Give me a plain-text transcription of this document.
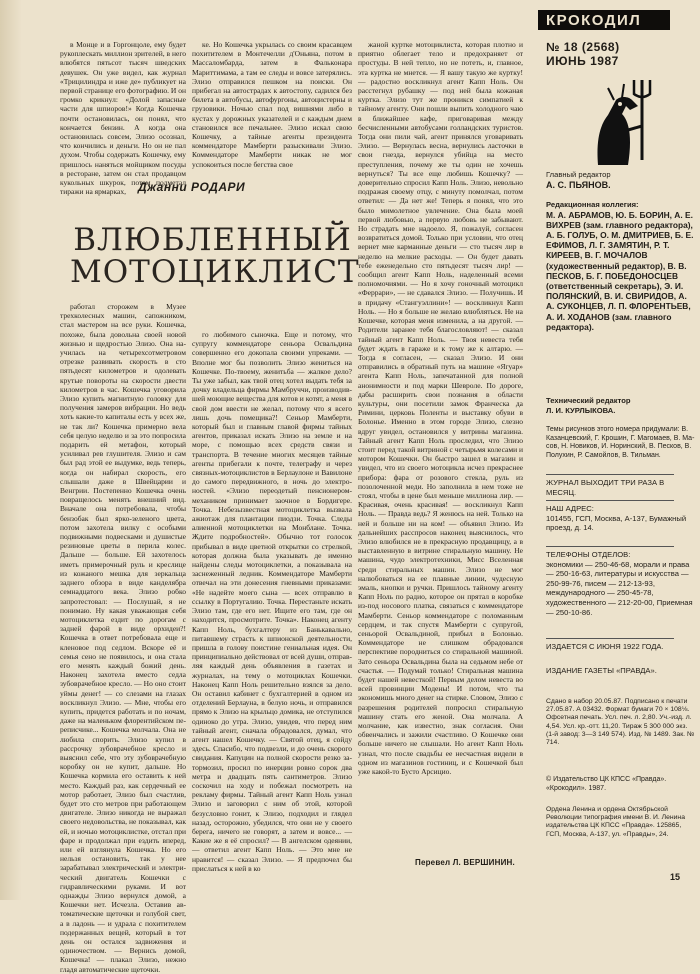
в Монце и в Горгонцоле, ему будет рукоплескать миллион зрителей, в него влюбятся пятьсот тысяч шведских девушек. Он уже видел, как журнал «Трицилиндра и иже де» публикует на первой странице его фотографию. И он громко крикнул: «Долой запасные части для шпиоров!» Когда Кошечка почти остановилась, он понял, что кончается бензин. А когда она остановилась совсем, Элизо осознал, что кончились и деньги. Но он не пал духом. Чтобы содержать Кошечку, ему пришлось наняться мойщиком посуды в ресторане, затем он стал продавцом кукольных шкурок, потом подметал тиражи на ярмарках,

работал сторожем в Музее трехколесных машин, сапожником, стал мастером на все руки. Кошечка, похоже, была довольна своей новой жизнью и щедростью Элизо. Она научилась на четырехсотметровом отрезке развивать скорость в сто пятьдесят километров и одолевать крутые повороты на скорости двести километров в час. Кошечка уговорила Элизо купить магнитную головку для получения замеров вибрации. Но ведь хоть какие-то капиталы есть у всех же, не так ли? Кошечка примерно вела себя целую неделю и за это попросила подарить ей метафон, который усиливал рев глушителя. Элизо и сам был рад этой ее выдумке, ведь теперь, когда он набирал скорость, его слышали даже в Швейцарии и Венгрии. Постепенно Кошечка очень повращелось менять внешний вид. Вначале она потребовала, чтобы бензобак был ярко-зеленого цвета, потом захотела вилку с особыми подвижными подвесками и душистые резиновые цветы в перила колес. Дальше — больше. Ей захотелось иметь примерочный руль и креслице из кожаного мешка для зеркальца заднего обзора в виде канделябра семнадцатого века. Элизо робко запротестовал: — Послушай, я не понимаю. Ну какая уважающая себя мотоциклетка ездит по дорогам с задней фарой в виде орхидеи?! Кошечка в ответ потребовала еще и кленовое под седлом. Вскоре её и семья сено не появилось, и она стала его менять каждый божий день. Наконец захотела вместо седла зубоврачебное кресло. — Но оно стоит уймы денег! — со слезами на глазах воскликнул Элизо. — Мне, чтобы его купить, придется работать и по ночам, даже на маленьком флорентийском переписчике... Кошечка молчала. Она не любила спорить. Элизо купил в рассрочку зубоврачебное кресло и выяснил себе, что эту зубоврачебную коробку он не купит, дальше. Но Кошечка кормила его оставить к ней место. Каждый раз, как сердечный ее мотор работает, Элизо был счастлив, будет это сто метров при работающем двигателе. Элизо никогда не выражал своего недовольства, не показывал, как ей, и ночью мотоциклистке, отстал при фаре и продолжал при ездить вперед, или ей взглянула Кошечка. Но его нельзя остановить, так у нее зарабатывал электрический и электрический двигатель Кошечки с гидравлическими руками. И вот однажды Элизо вернулся домой, а Кошечки нет. Исчезла. Оставив автоматические щеточки и голубой свет, а в ладонь — и удрала с похитителем подержанных вещей, который в тот день он остался задвижения и одиночеством. — Вернись домой, Кошечка! — плакал Элизо, нежно гладя автоматические щеточки.

ке. Но Кошечка укрылась со своим красавцем похитителем в Монтечелли д'Оньяна, потом в Массаломбарда, затем в Фальконара Мариттимама, а там ее следы и вовсе затерялись. Элизо отправился пешком на поиски. Он прибегал на автострадах к автостопу, садился без билета в автобусы, автофургоны, автоцистерны и грузовики. Ночью спал под вишнями либо в кустах у дорожных указателей и с каждым днем становился все печальнее. Элизо искал свою Кошечку, а тайные агенты президента коммендаторе Мамберти разыскивали Элизо. Коммендаторе Мамберти никак не мог успокоиться после бегства свое

го любимого сыночка. Еще и потому, что супругу коммендаторе сеньора Освальдина совершенно его докопала своими упреками. — Вполне мог бы позволить Элизо жениться на Кошечке. По-твоему, женитьба — жалкое дело? Ты уже забыл, как твой отец хотел выдать тебя за дочку владельца фирмы Мамбруччи, производившей моющие вещества для котов и котят, а меня в свой дом ввести не желал, потому что я всего лишь дочь помещика?! Сеньор Мамберти, который был и главным главой фирмы тайных агентов, приказал искать Элизо на земле и на море, с помощью всех средств связи и транспорта. В течение многих месяцев тайные агенты прибегали к почте, телеграфу и через связных-мотоциклистов в Берлаулоне и Вавилоне до самого передвижного, в ночь до электроностей. «Элизо переодетый пенсионером-механиком принимает заочное в Бордигере. Точка. Небезызвестная мотоциклетка вызвала ажиотаж для плантации пиодзи. Точка. Следы алиенной мотоциклетки на Монблане. Точка. Ждите подробностей». Обычно тот голосок прибывал в виде цветной открытки со стрелкой, которая должна была указывать де именно найдены следы мотоциклетки, а показывала на заснеженный ледник. Коммендаторе Мамберти отвечал на эти донесения гневными приказами: «Не надейте моего сына — всех отправлю в ссылку в Португалию. Точка. Перестаньте искать Элизо там, где его нет. Ищите его там, где он находится, просмотрите. Точка». Наконец агенту Капп Ноль, бухгалтеру из Банькавально, питавшему страсть к шпионской деятельности, пришла в голову поистине гениальная идея. Он принципиально действовал от всей души, отправляя каждый день объявления в газетах и журналах, на тему о мотоциклах Кошечки. Наконец Капп Ноль решительно взялся за дело. Он оставил кабинет с бухгалтерией в одном из отделений Берлауна, в белую ночь, и отправился прямо к Элизо на крыльцо домика, не отступился одиноко до утра. Элизо, увидев, что перед ним тайный агент, сначала обрадовался, думал, что агент нашел Кошечку. — Святой отец, я сойду здесь. Спасибо, что подвезли, и до очень скорого свидания. Капуцин на полной скорости резко затормозил, просил по инерции ровно сорок два метра и двадцать пять сантиметров. Элизо соскочил на ходу и побежал посмотреть на рекламу фирмы. Тайный агент Капп Ноль узнал Элизо и заговорил с ним об этой, которой безусловно гонит, к Элизо, подходил и глядел назад, осторожно, убедился, что они не у своего берега, ничего не говорят, а затем и вовсе... — Какие же я её спросил? — В ангелском одеянии, — ответил агент Капп Ноль. — Это мне не нравится! — сказал Элизо. — Я предпочел бы прислаться к ней в ко

Джанни РОДАРИ
ВЛЮБЛЕННЫЙ
МОТОЦИКЛИСТ

жаной куртке мотоциклиста, которая плотно и приятно облегает тело и предохраняет от простуды. В ней тепло, но не потеть, и, главное, эта куртка не мнется. — Я вашу такую же куртку! — радостно воскликнул агент Капп Ноль. Он расстегнул рубашку — под ней была кожаная куртка. Элизо тут же проникся симпатией к тайному агенту. Они пошли выпить холодного чаю в ближайшее кафе, приговаривая между бесчисленными автобусами голландских туристов. Тогда они пили чай, агент принялся уговаривать Элизо. — Вернулась весна, вернулись ласточки в свои гнезда, вернулся убийца на место преступления, почему же ты один не хочешь вернуться? Ты все еще любишь Кошечку? — доверительно спросил Капп Ноль. Элизо, невольно подражая своему отцу, с минуту помолчал, потом ответил: — Да нет же! Теперь я понял, что это было мимолетное увлечение. Она была моей первой любовью, а первую любовь не забывают. Но страдать мне надоело. Я, пожалуй, согласен возвратиться домой. Только при условии, что отец вернет мне карманные деньги — сто тысяч лир в неделю на мелкие расходы. — Он будет давать тебе еженедельно сто пятьдесят тысяч лир! — сообщил агент Капп Ноль, наделенный всеми полномочиями. — Но я хочу гоночный мотоцикл «Феррари», — не сдавался Элизо. — Получишь. И в придачу «Стангуэллини»! — воскликнул Капп Ноль. — Но я больше не желаю влюбляться. Не на Кошечке, которая меня изменила, а на другой. — Родители заранее тебя благословляют! — сказал тайный агент Капп Ноль. — Твоя невеста тебя будет ждать в гараже и к тому же к алтарю. — Тогда я согласен, — сказал Элизо. И они отправились в обратный путь на машине «Ягуар» агента Капп Ноль, запечатанной для полной анонимности и под марки Шевроле. По дороге, дабы расширить свои познания в области культуры, они посетили замок Франческа да Римини, церковь Поленты и выставку обуви в Болонье. Именно в этом городе Элизо, слезно вдруг увидел, остановился у витрины магазина. Тайный агент Капп Ноль проследил, что Элизо стоит перед такой витриной с четырьмя колесами и мотором Кошечки. Он быстро зашел в магазин и увидел, что из своего мотоцикла исчез прекраснее прибора: фара от розового стекла, руль из позолоченной меди. Но заполнила в нем тоже не стоял, чтобы в цене был меньше миллиона лир. — Красивая, очень красивая! — воскликнул Капп Ноль. — Правда ведь? Я женюсь на ней. Только на ней и больше ни на ком! — объявил Элизо. Из дальнейших расспросов наконец выяснилось, что Элизо влюбился не в прекрасную продавщицу, а в выставленную в витрине стиральную машину. Не машина, чудо электротехники, Мисс Вселенная среди стиральных машин. Элизо не мог налюбоваться на ее плавные линии, чудесную эмаль, кнопки и ручки. Пришлось тайному агенту Капп Ноль по радио, которое он прятал в коробке из-под носового платка, связаться с коммендаторе Мамберти. Сеньор коммендаторе с поломанным сердцем, и так спустя Мамберти с супругой, сеньорой Освальдиной, прибыл в Болонью. Коммендаторе не слишком обрадовался перспективе породниться со стиральной машиной. Зато сеньора Освальдина была на седьмом небе от счастья. — Подумай только! Стиральная машина будет нашей невесткой! Первым делом невеста во всей провинции Модены! И потом, что ты экономишь много денег на стирке. Словом, Элизо с разрешения родителей попросил стиральную машину стать его женой. Она молчала. А молчание, как известно, знак согласия. Они обвенчались и зажили счастливо. О Кошечке они больше ничего не слышали. Но агент Капп Ноль узнал, что после свадьбы ее несчастная видели в одном из магазинов гостиниц, и с Кошечкой был уже какой-то Бусто Арсицио.

Перевел Л. ВЕРШИНИН.
КРОКОДИЛ
№ 18 (2568)
ИЮНЬ 1987
Главный редактор
А. С. ПЬЯНОВ.
Редакционная коллегия:
М. А. АБРАМОВ, Ю. Б. БОРИН, А. Е. ВИХРЕВ (зам. главного редактора), А. Б. ГОЛУБ, О. М. ДМИТРИЕВ, Б. Е. ЕФИМОВ, Л. Г. ЗАМЯТИН, Р. Т. КИРЕЕВ, В. Г. МОЧАЛОВ (художественный редактор), В. В. ПЕСКОВ, Б. Г. ПОБЕДОНОСЦЕВ (ответственный секретарь), Э. И. ПОЛЯНСКИЙ, В. И. СВИРИДОВ, А. А. СУКОНЦЕВ, Л. П. ФЛОРЕНТЬЕВ, А. И. ХОДАНОВ (зам. главного редактора).
Технический редактор
Л. И. КУРЛЫКОВА.
Темы рисунков этого номера придумали: В. Казанцевский, Г. Крошин, Г. Магомаев, В. Масов, Н. Новиков, И. Норинский, В. Песков, В. Полухин, Р. Самойлов, В. Тильман.
ЖУРНАЛ ВЫХОДИТ ТРИ РАЗА В МЕСЯЦ.
НАШ АДРЕС:
101455, ГСП, Москва, А-137, Бумажный проезд, д. 14.
ТЕЛЕФОНЫ ОТДЕЛОВ:
экономики — 250-46-68, морали и права — 250-16-63, литературы и искусства — 250-99-76, писем — 212-13-93, международного — 250-45-78, художественного — 212-20-00, Приемная — 250-10-86.
ИЗДАЕТСЯ С ИЮНЯ 1922 ГОДА.
ИЗДАНИЕ ГАЗЕТЫ «ПРАВДА».
Сдано в набор 20.05.87. Подписано к печати 27.05.87. А 03432. Формат бумаги 70 × 108⅛. Офсетная печать. Усл. печ. л. 2,80. Уч.-изд. л. 4,54. Усл. кр.-отт. 11,20. Тираж 5 300 000 экз. (1-й завод: 3—3 149 574). Изд. № 1489. Зак. № 714.
© Издательство ЦК КПСС «Правда». «Крокодил». 1987.
Ордена Ленина и ордена Октябрьской Революции типография имени В. И. Ленина издательства ЦК КПСС «Правда». 125865, ГСП, Москва, А-137, ул. «Правды», 24.
15
